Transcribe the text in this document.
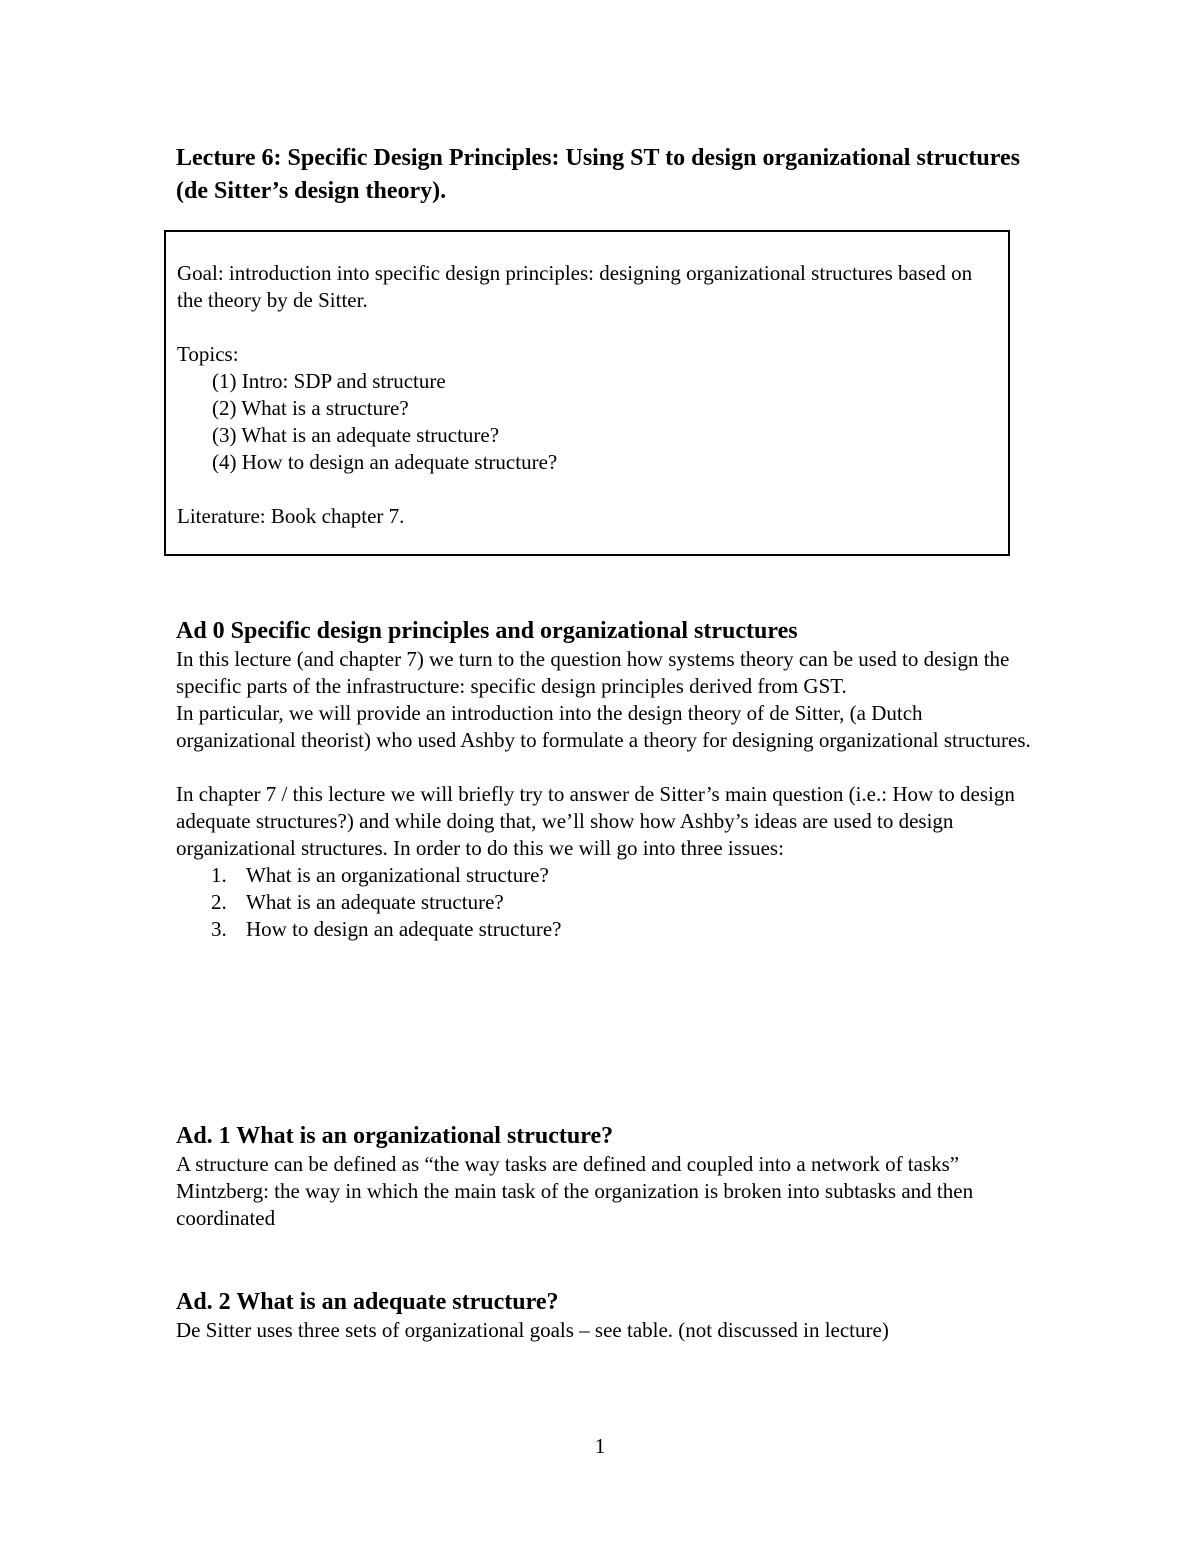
Lecture 6: Specific Design Principles: Using ST to design organizational structures (de Sitter’s design theory).

Goal: introduction into specific design principles: designing organizational structures based on the theory by de Sitter.

Topics:

(1) Intro: SDP and structure
(2) What is a structure?
(3) What is an adequate structure?
(4) How to design an adequate structure?

Literature: Book chapter 7.

Ad 0 Specific design principles and organizational structures

In this lecture (and chapter 7) we turn to the question how systems theory can be used to design the specific parts of the infrastructure: specific design principles derived from GST.

In particular, we will provide an introduction into the design theory of de Sitter, (a Dutch organizational theorist) who used Ashby to formulate a theory for designing organizational structures.

In chapter 7 / this lecture we will briefly try to answer de Sitter’s main question (i.e.: How to design adequate structures?) and while doing that, we’ll show how Ashby’s ideas are used to design organizational structures. In order to do this we will go into three issues:

1. What is an organizational structure?
2. What is an adequate structure?
3. How to design an adequate structure?
Ad. 1 What is an organizational structure?

A structure can be defined as “the way tasks are defined and coupled into a network of tasks”

Mintzberg: the way in which the main task of the organization is broken into subtasks and then coordinated

Ad. 2 What is an adequate structure?

De Sitter uses three sets of organizational goals – see table. (not discussed in lecture)

1
